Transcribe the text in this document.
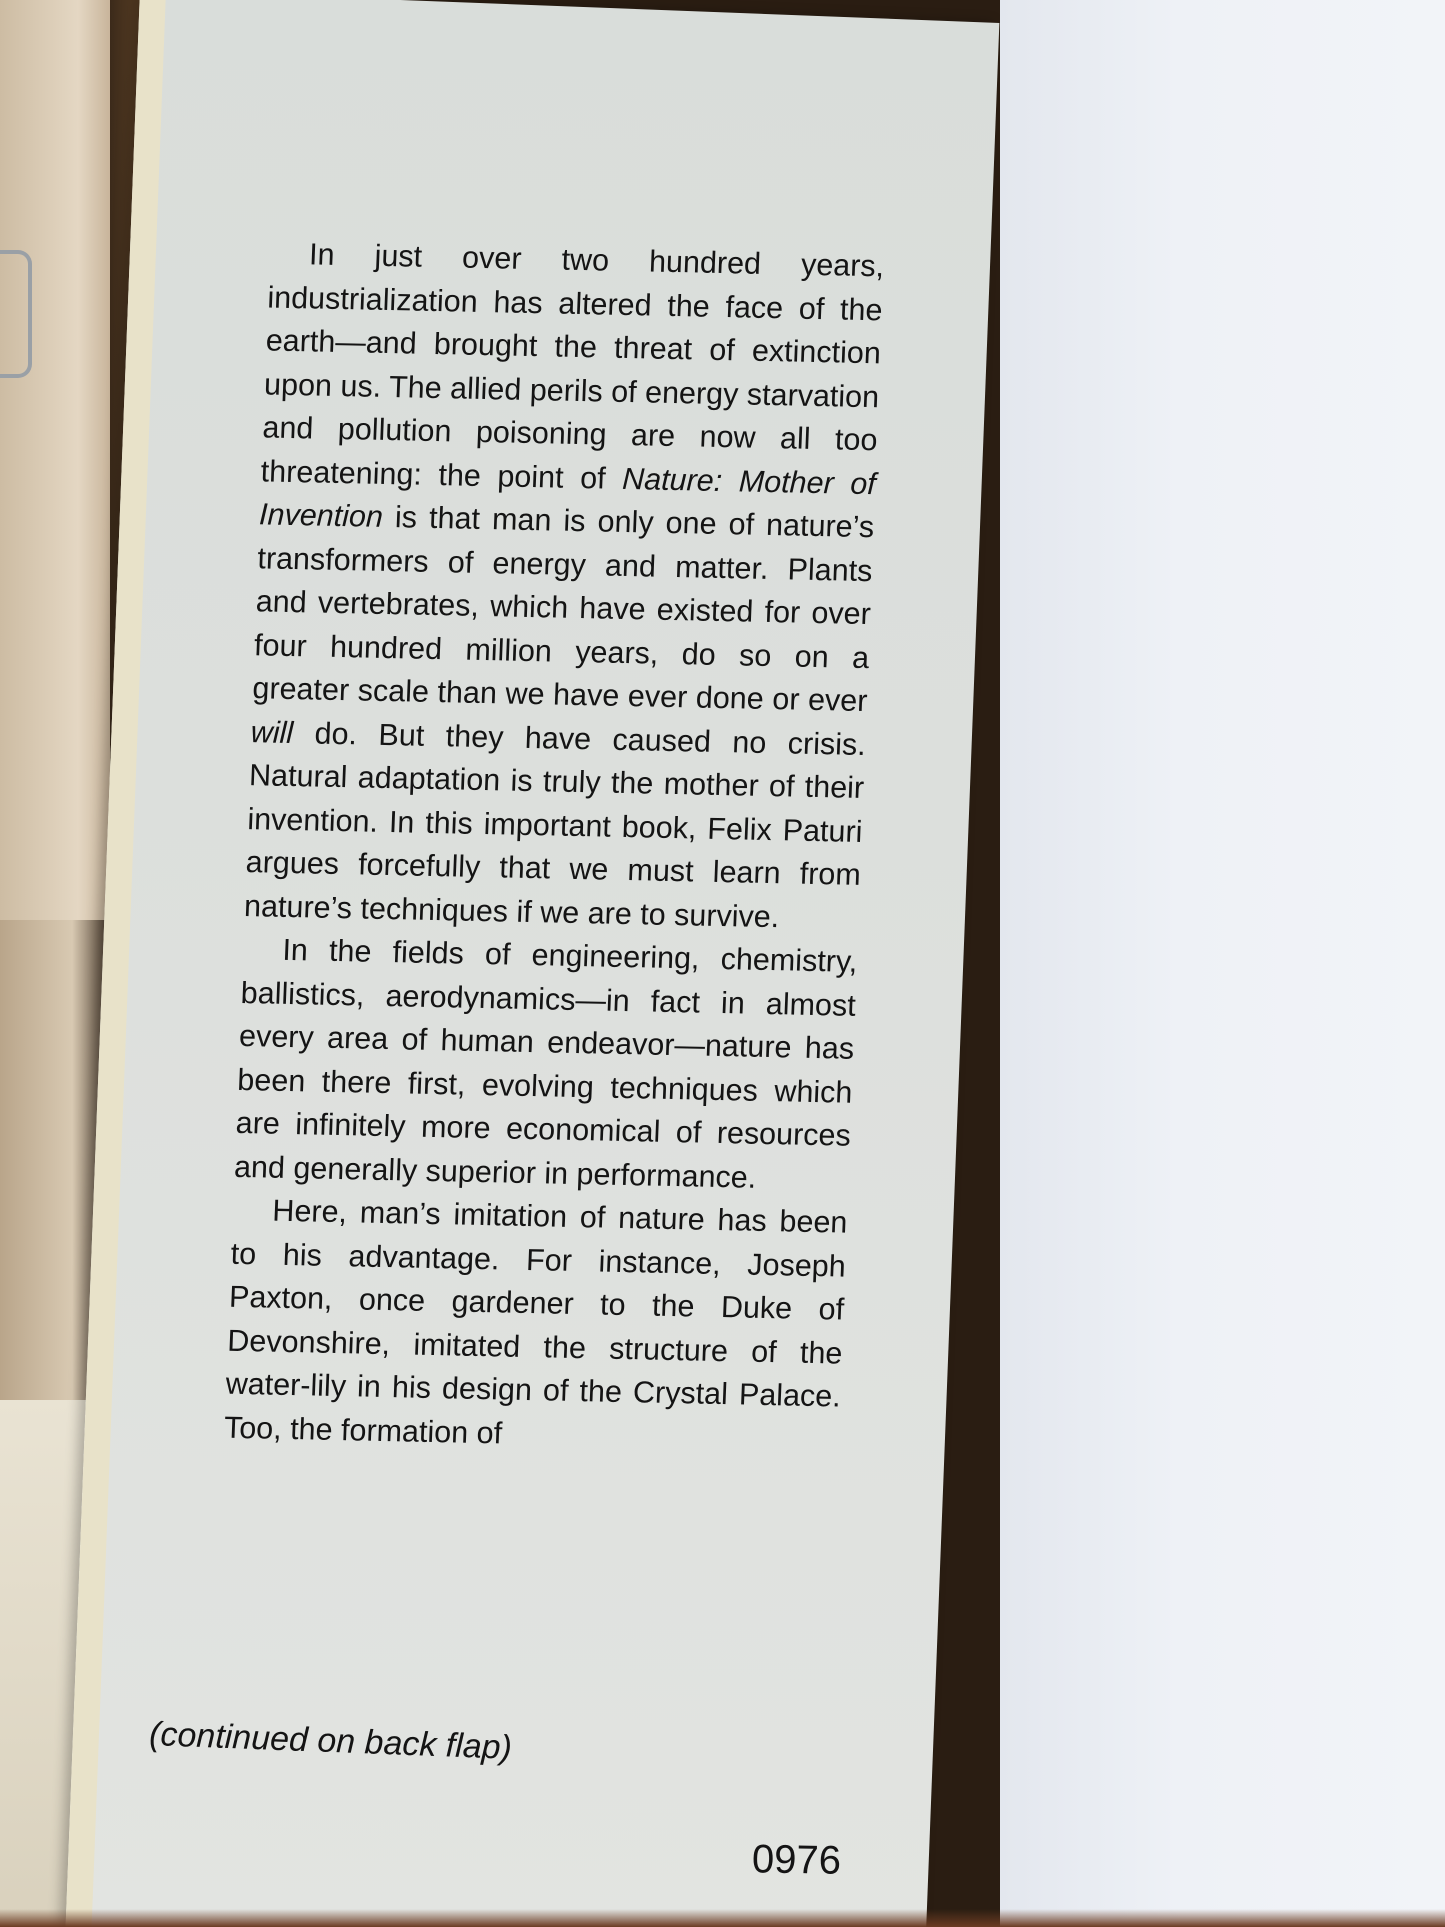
In just over two hundred years, industrialization has altered the face of the earth—and brought the threat of extinction upon us. The allied perils of energy starvation and pollution poisoning are now all too threatening: the point of Nature: Mother of Invention is that man is only one of nature’s transformers of energy and matter. Plants and vertebrates, which have existed for over four hundred million years, do so on a greater scale than we have ever done or ever will do. But they have caused no crisis. Natural adaptation is truly the mother of their invention. In this important book, Felix Paturi argues forcefully that we must learn from nature’s techniques if we are to survive.

In the fields of engineering, chemistry, ballistics, aerodynamics—in fact in almost every area of human endeavor—nature has been there first, evolving techniques which are infinitely more economical of resources and generally superior in performance.

Here, man’s imitation of nature has been to his advantage. For instance, Joseph Paxton, once gardener to the Duke of Devonshire, imitated the structure of the water-lily in his design of the Crystal Palace. Too, the formation of

(continued on back flap)
0976
